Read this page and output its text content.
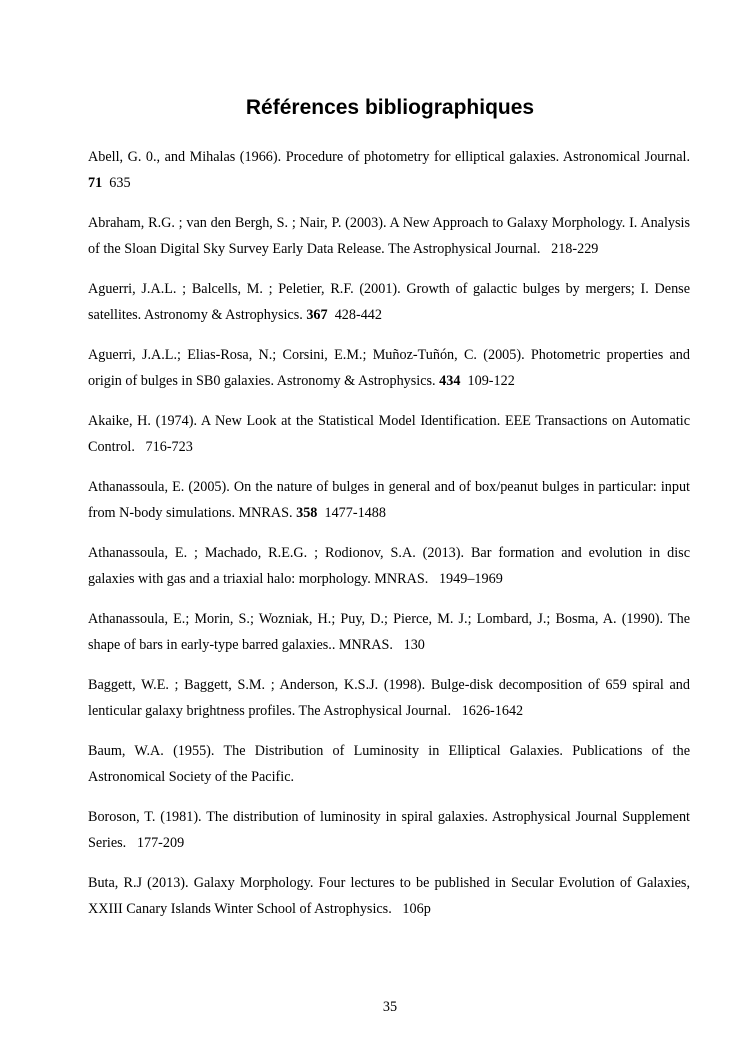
Références bibliographiques

Abell, G. 0., and Mihalas (1966). Procedure of photometry for elliptical galaxies. Astronomical Journal. 71 635

Abraham, R.G. ; van den Bergh, S. ; Nair, P. (2003). A New Approach to Galaxy Morphology. I. Analysis of the Sloan Digital Sky Survey Early Data Release. The Astrophysical Journal. 218-229

Aguerri, J.A.L. ; Balcells, M. ; Peletier, R.F. (2001). Growth of galactic bulges by mergers; I. Dense satellites. Astronomy & Astrophysics. 367 428-442

Aguerri, J.A.L.; Elias-Rosa, N.; Corsini, E.M.; Muñoz-Tuñón, C. (2005). Photometric properties and origin of bulges in SB0 galaxies. Astronomy & Astrophysics. 434 109-122

Akaike, H. (1974). A New Look at the Statistical Model Identification. EEE Transactions on Automatic Control. 716-723

Athanassoula, E. (2005). On the nature of bulges in general and of box/peanut bulges in particular: input from N-body simulations. MNRAS. 358 1477-1488

Athanassoula, E. ; Machado, R.E.G. ; Rodionov, S.A. (2013). Bar formation and evolution in disc galaxies with gas and a triaxial halo: morphology. MNRAS. 1949–1969

Athanassoula, E.; Morin, S.; Wozniak, H.; Puy, D.; Pierce, M. J.; Lombard, J.; Bosma, A. (1990). The shape of bars in early-type barred galaxies.. MNRAS. 130

Baggett, W.E. ; Baggett, S.M. ; Anderson, K.S.J. (1998). Bulge-disk decomposition of 659 spiral and lenticular galaxy brightness profiles. The Astrophysical Journal. 1626-1642

Baum, W.A. (1955). The Distribution of Luminosity in Elliptical Galaxies. Publications of the Astronomical Society of the Pacific.

Boroson, T. (1981). The distribution of luminosity in spiral galaxies. Astrophysical Journal Supplement Series. 177-209

Buta, R.J (2013). Galaxy Morphology. Four lectures to be published in Secular Evolution of Galaxies, XXIII Canary Islands Winter School of Astrophysics. 106p

35
